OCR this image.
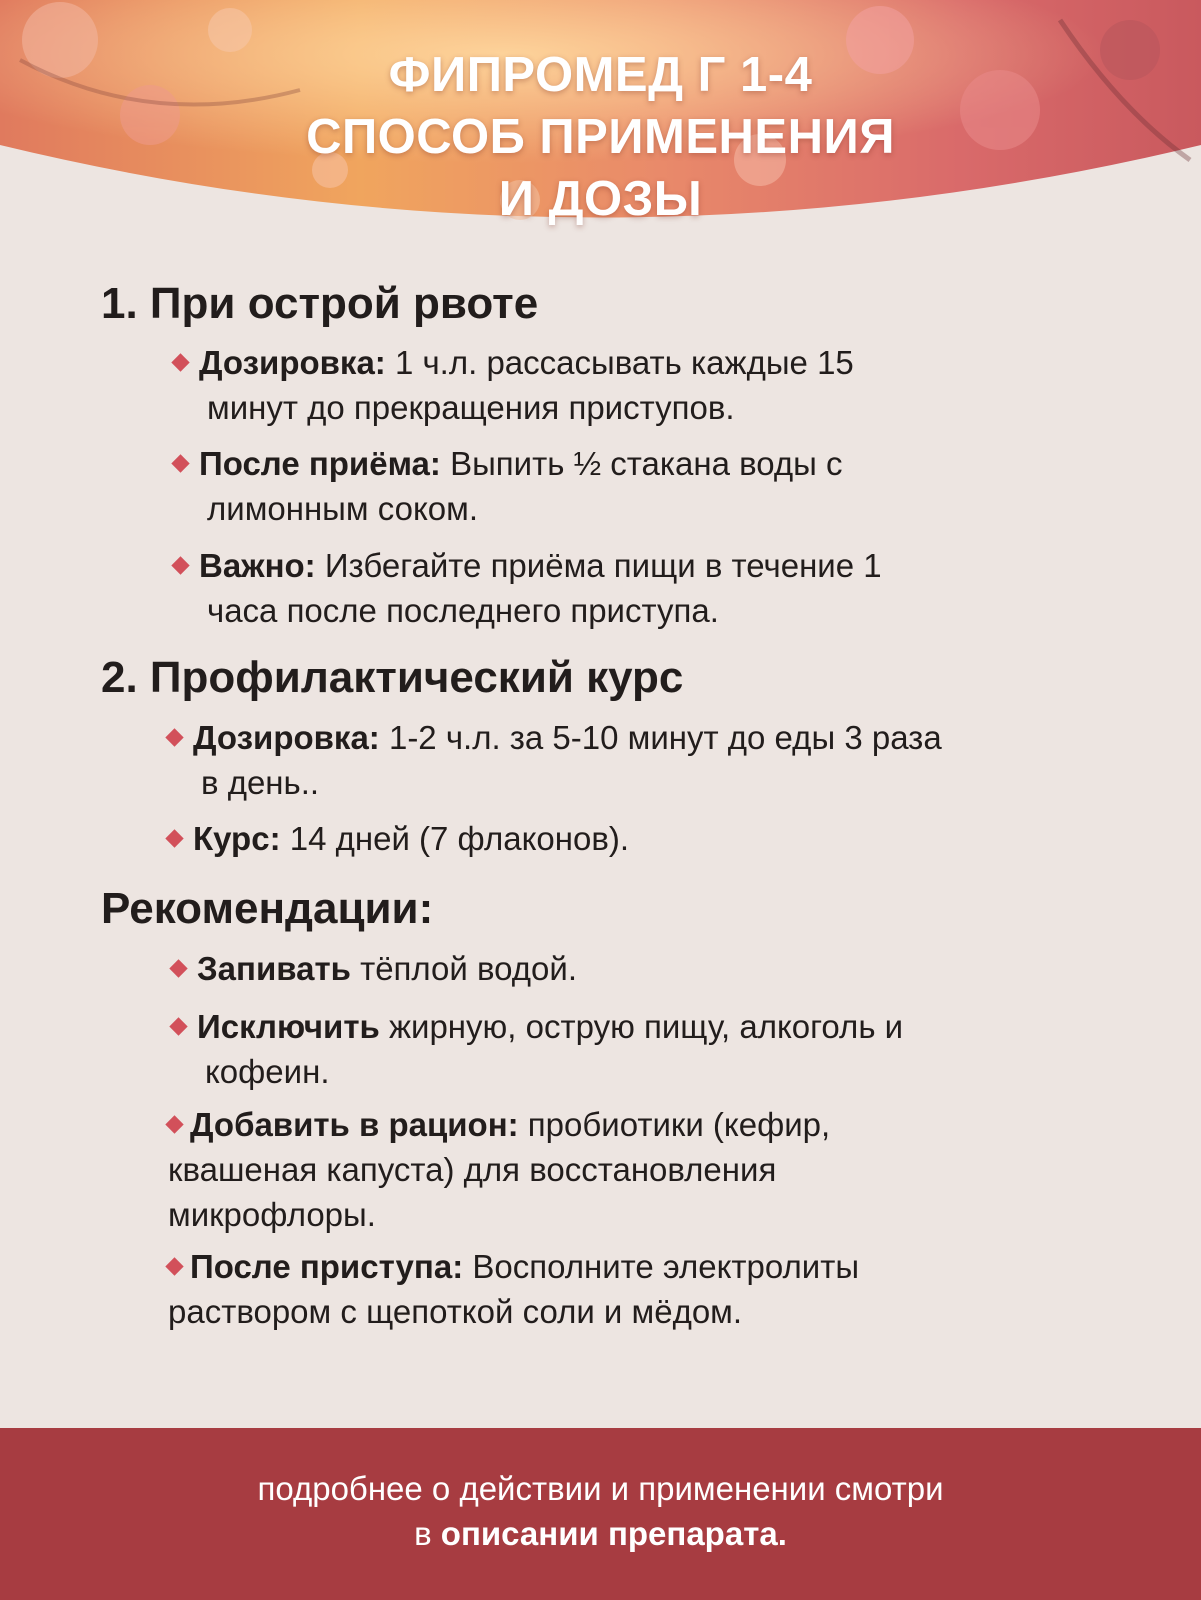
ФИПРОМЕД Г 1-4
СПОСОБ ПРИМЕНЕНИЯ
И ДОЗЫ
1. При острой рвоте
Дозировка: 1 ч.л. рассасывать каждые 15
минут до прекращения приступов.
После приёма: Выпить ½ стакана воды с
лимонным соком.
Важно: Избегайте приёма пищи в течение 1
часа после последнего приступа.
2. Профилактический курс
Дозировка: 1-2 ч.л. за 5-10 минут до еды 3 раза
в день..
Курс: 14 дней (7 флаконов).
Рекомендации:
Запивать тёплой водой.
Исключить жирную, острую пищу, алкоголь и
кофеин.
Добавить в рацион: пробиотики (кефир,
квашеная капуста) для восстановления
микрофлоры.
После приступа: Восполните электролиты
раствором с щепоткой соли и мёдом.
подробнее о действии и применении смотри
в описании препарата.
